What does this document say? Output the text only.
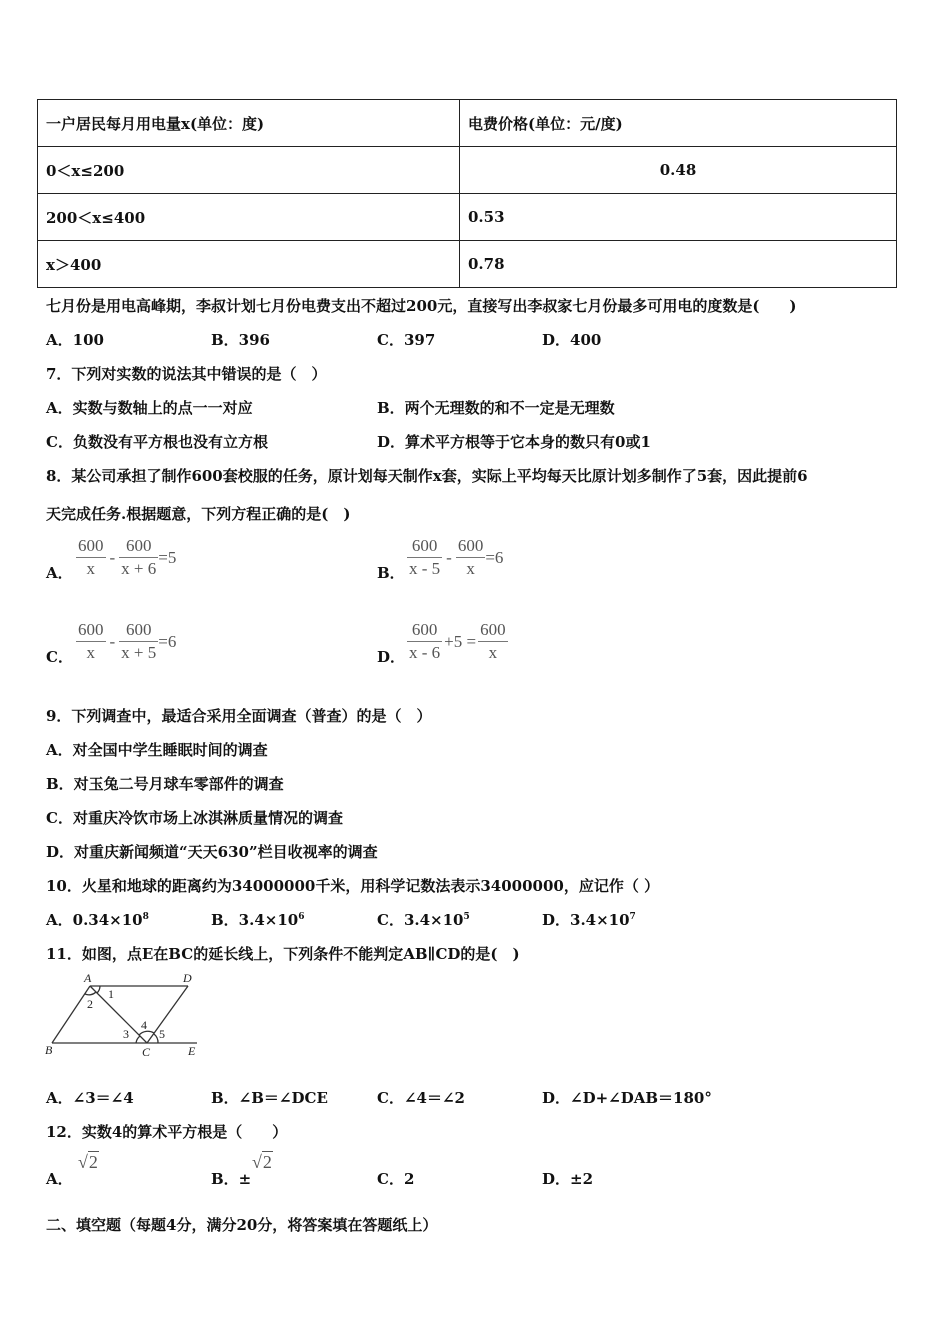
一户居民每月用电量x(单位：度)	电费价格(单位：元/度)
0＜x≤200	0.48
200＜x≤400	0.53
x＞400	0.78
七月份是用电高峰期，李叔计划七月份电费支出不超过200元，直接写出李叔家七月份最多可用电的度数是(　　)
A．100	B．396	C．397	D．400
7．下列对实数的说法其中错误的是（　）
A．实数与数轴上的点一一对应	B．两个无理数的和不一定是无理数
C．负数没有平方根也没有立方根	D．算术平方根等于它本身的数只有0或1
8．某公司承担了制作600套校服的任务，原计划每天制作x套，实际上平均每天比原计划多制作了5套，因此提前6
天完成任务.根据题意，下列方程正确的是(　)
A． $\frac{600}{x} - \frac{600}{x + 6} =5$
B． $\frac{600}{x - 5} - \frac{600}{x} =6$
C． $\frac{600}{x} - \frac{600}{x + 5} =6$
D． $\frac{600}{x - 6} +5 = \frac{600}{x}$
9．下列调查中，最适合采用全面调查（普查）的是（　）
A．对全国中学生睡眠时间的调查
B．对玉兔二号月球车零部件的调查
C．对重庆冷饮市场上冰淇淋质量情况的调查
D．对重庆新闻频道“天天630”栏目收视率的调查
10．火星和地球的距离约为34000000千米，用科学记数法表示34000000，应记作（ ）
A．$0.34\times 10^8$	B．$3.4\times 10^6$	C．$3.4\times 10^5$	D．$3.4\times 10^7$
11．如图，点E在BC的延长线上，下列条件不能判定AB∥CD的是(　)
A	D
B	C	E
1
2
3
4
5
A．∠3＝∠4	B．∠B＝∠DCE	C．∠4＝∠2	D．∠D+∠DAB＝180°
12．实数4的算术平方根是（　　）
A．
√2
B．±
√2
C．2	D．±2
二、填空题（每题4分，满分20分，将答案填在答题纸上）
